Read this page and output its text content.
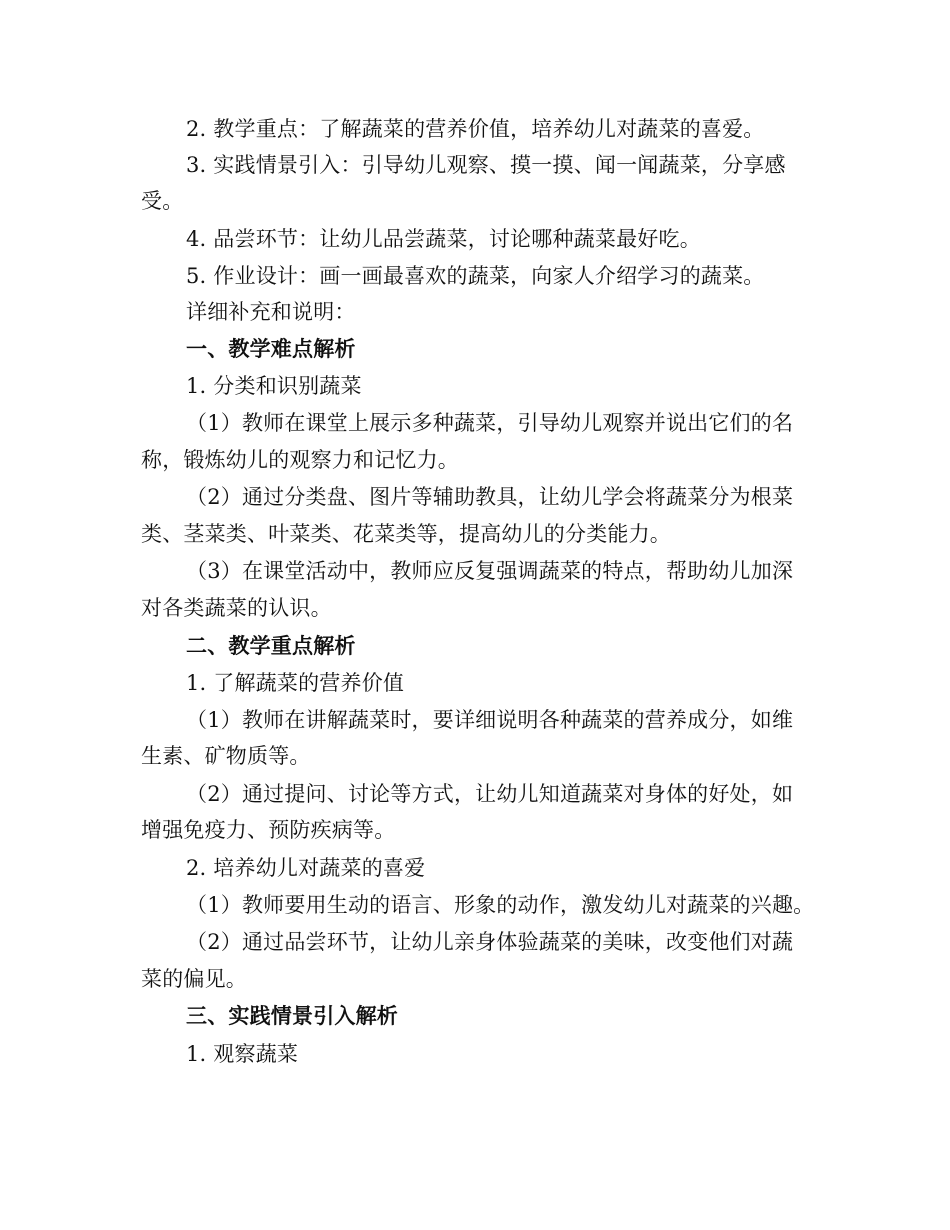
2. 教学重点：了解蔬菜的营养价值，培养幼儿对蔬菜的喜爱。
3. 实践情景引入：引导幼儿观察、摸一摸、闻一闻蔬菜，分享感
受。
4. 品尝环节：让幼儿品尝蔬菜，讨论哪种蔬菜最好吃。
5. 作业设计：画一画最喜欢的蔬菜，向家人介绍学习的蔬菜。
详细补充和说明：
一、教学难点解析
1. 分类和识别蔬菜
（1）教师在课堂上展示多种蔬菜，引导幼儿观察并说出它们的名
称，锻炼幼儿的观察力和记忆力。
（2）通过分类盘、图片等辅助教具，让幼儿学会将蔬菜分为根菜
类、茎菜类、叶菜类、花菜类等，提高幼儿的分类能力。
（3）在课堂活动中，教师应反复强调蔬菜的特点，帮助幼儿加深
对各类蔬菜的认识。
二、教学重点解析
1. 了解蔬菜的营养价值
（1）教师在讲解蔬菜时，要详细说明各种蔬菜的营养成分，如维
生素、矿物质等。
（2）通过提问、讨论等方式，让幼儿知道蔬菜对身体的好处，如
增强免疫力、预防疾病等。
2. 培养幼儿对蔬菜的喜爱
（1）教师要用生动的语言、形象的动作，激发幼儿对蔬菜的兴趣。
（2）通过品尝环节，让幼儿亲身体验蔬菜的美味，改变他们对蔬
菜的偏见。
三、实践情景引入解析
1. 观察蔬菜
